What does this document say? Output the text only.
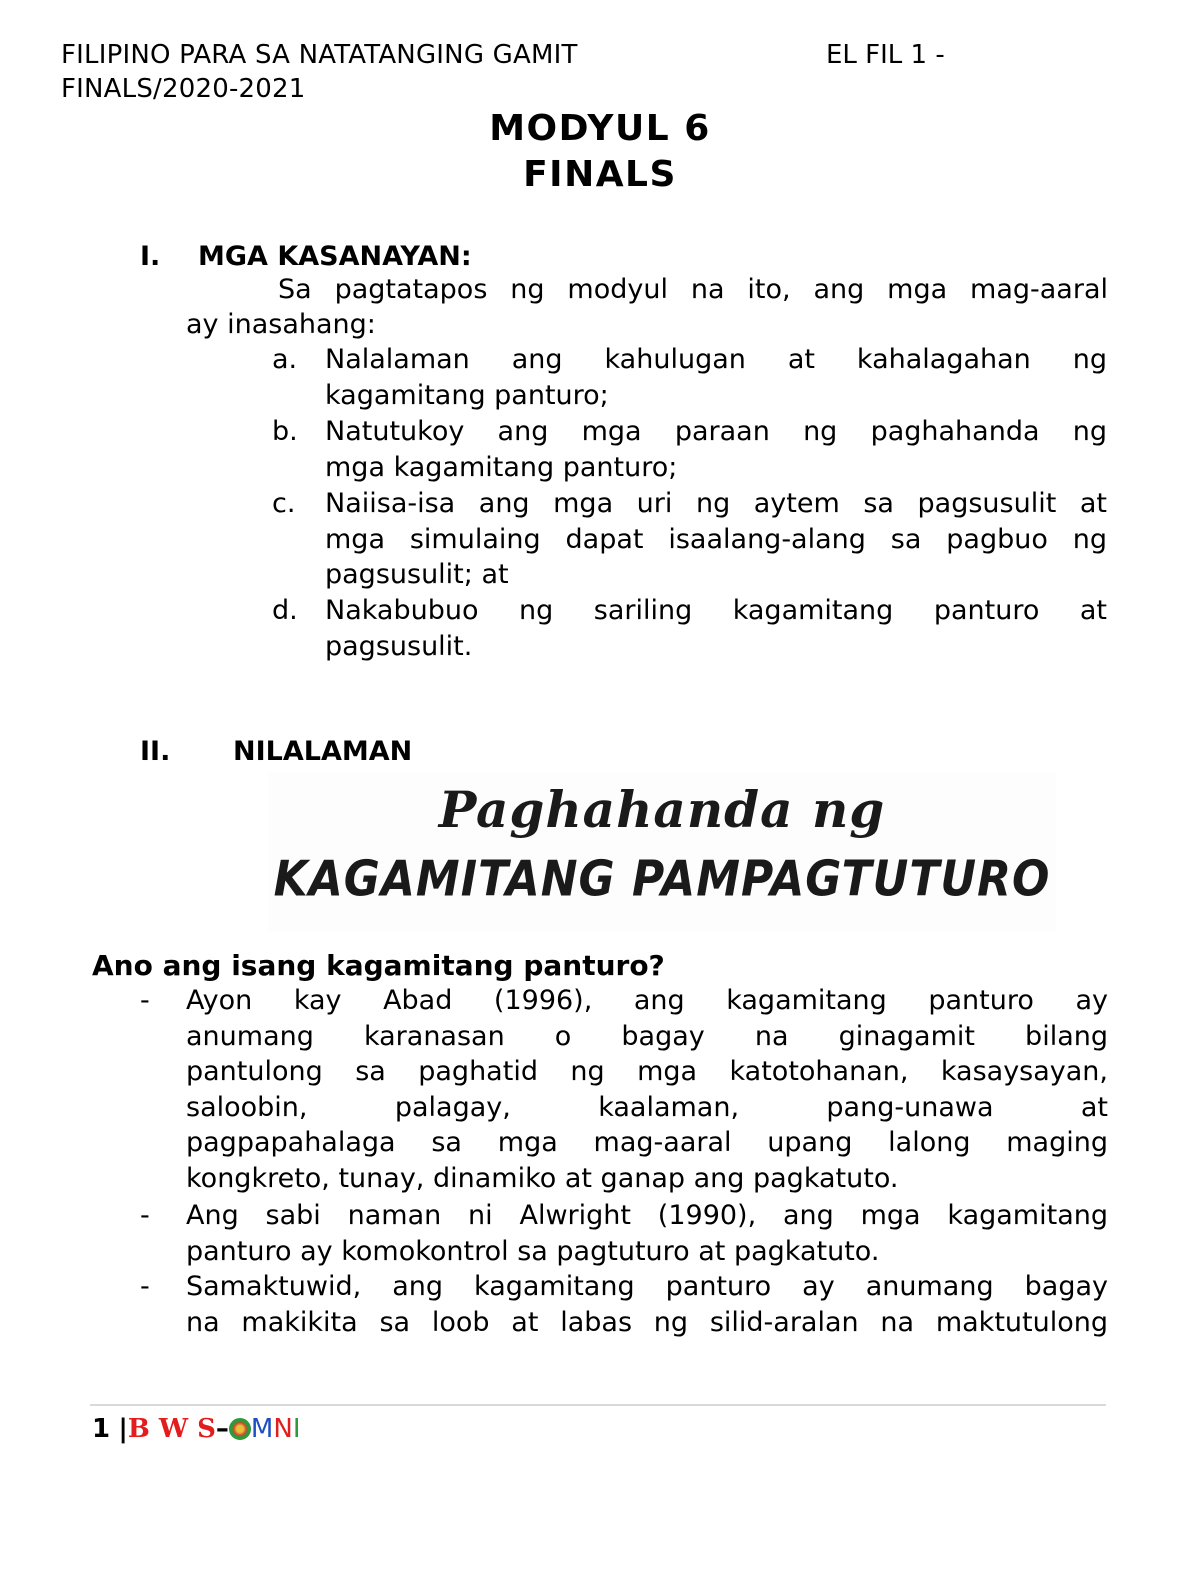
FILIPINO PARA SA NATATANGING GAMIT	EL FIL 1 -
FINALS/2020-2021
MODYUL 6
FINALS
I. MGA KASANAYAN:
Sa pagtatapos ng modyul na ito, ang mga mag-aaral
ay inasahang:
a.	Nalalaman ang kahulugan at kahalagahan ng
kagamitang panturo;
b.	Natutukoy ang mga paraan ng paghahanda ng
mga kagamitang panturo;
c.	Naiisa-isa ang mga uri ng aytem sa pagsusulit at
mga simulaing dapat isaalang-alang sa pagbuo ng
pagsusulit; at
d.	Nakabubuo ng sariling kagamitang panturo at
pagsusulit.
II. NILALAMAN
Paghahanda ng
KAGAMITANG PAMPAGTUTURO
Ano ang isang kagamitang panturo?
- Ayon kay Abad (1996), ang kagamitang panturo ay
anumang karanasan o bagay na ginagamit bilang
pantulong sa paghatid ng mga katotohanan, kasaysayan,
saloobin, palagay, kaalaman, pang-unawa at
pagpapahalaga sa mga mag-aaral upang lalong maging
kongkreto, tunay, dinamiko at ganap ang pagkatuto.
- Ang sabi naman ni Alwright (1990), ang mga kagamitang
panturo ay komokontrol sa pagtuturo at pagkatuto.
- Samaktuwid, ang kagamitang panturo ay anumang bagay
na makikita sa loob at labas ng silid-aralan na maktutulong
1 |B W S– MNI
